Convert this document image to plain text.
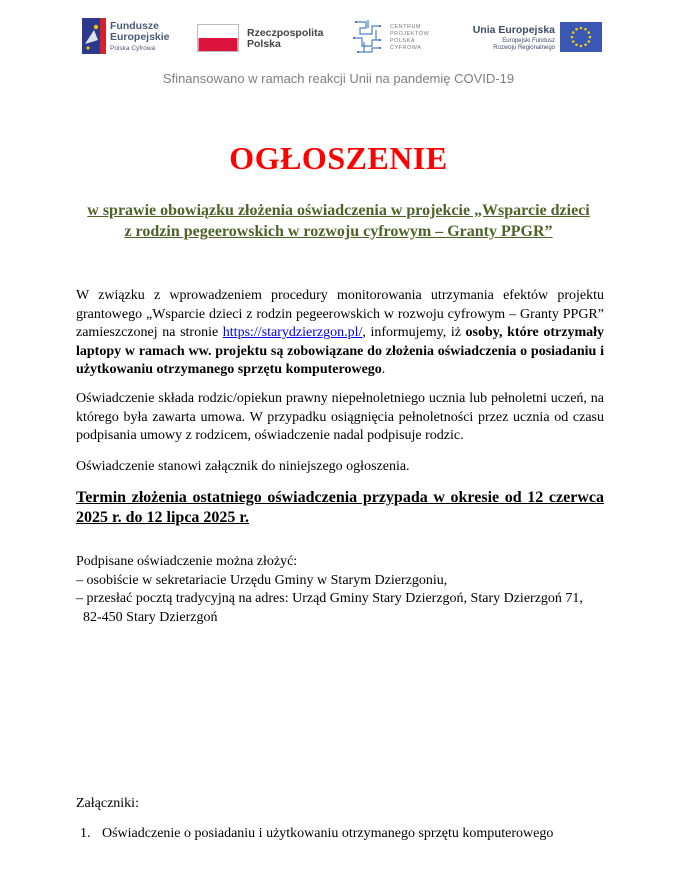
Fundusze
Europejskie
Polska Cyfrowa
Rzeczpospolita
Polska
CENTRUM
PROJEKTÓW
POLSKA
CYFROWA
Unia Europejska
Europejski Fundusz
Rozwoju Regionalnego
Sfinansowano w ramach reakcji Unii na pandemię COVID-19
OGŁOSZENIE
w sprawie obowiązku złożenia oświadczenia w projekcie „Wsparcie dzieci
z rodzin pegeerowskich w rozwoju cyfrowym – Granty PPGR”
W związku z wprowadzeniem procedury monitorowania utrzymania efektów projektu grantowego „Wsparcie dzieci z rodzin pegeerowskich w rozwoju cyfrowym – Granty PPGR” zamieszczonej na stronie https://starydzierzgon.pl/, informujemy, iż osoby, które otrzymały laptopy w ramach ww. projektu są zobowiązane do złożenia oświadczenia o posiadaniu i użytkowaniu otrzymanego sprzętu komputerowego.
Oświadczenie składa rodzic/opiekun prawny niepełnoletniego ucznia lub pełnoletni uczeń, na którego była zawarta umowa. W przypadku osiągnięcia pełnoletności przez ucznia od czasu podpisania umowy z rodzicem, oświadczenie nadal podpisuje rodzic.
Oświadczenie stanowi załącznik do niniejszego ogłoszenia.
Termin złożenia ostatniego oświadczenia przypada w okresie od 12 czerwca 2025 r. do 12 lipca 2025 r.
Podpisane oświadczenie można złożyć:
– osobiście w sekretariacie Urzędu Gminy w Starym Dzierzgoniu,
– przesłać pocztą tradycyjną na adres: Urząd Gminy Stary Dzierzgoń, Stary Dzierzgoń 71,
82-450 Stary Dzierzgoń
Załączniki:
1. Oświadczenie o posiadaniu i użytkowaniu otrzymanego sprzętu komputerowego
